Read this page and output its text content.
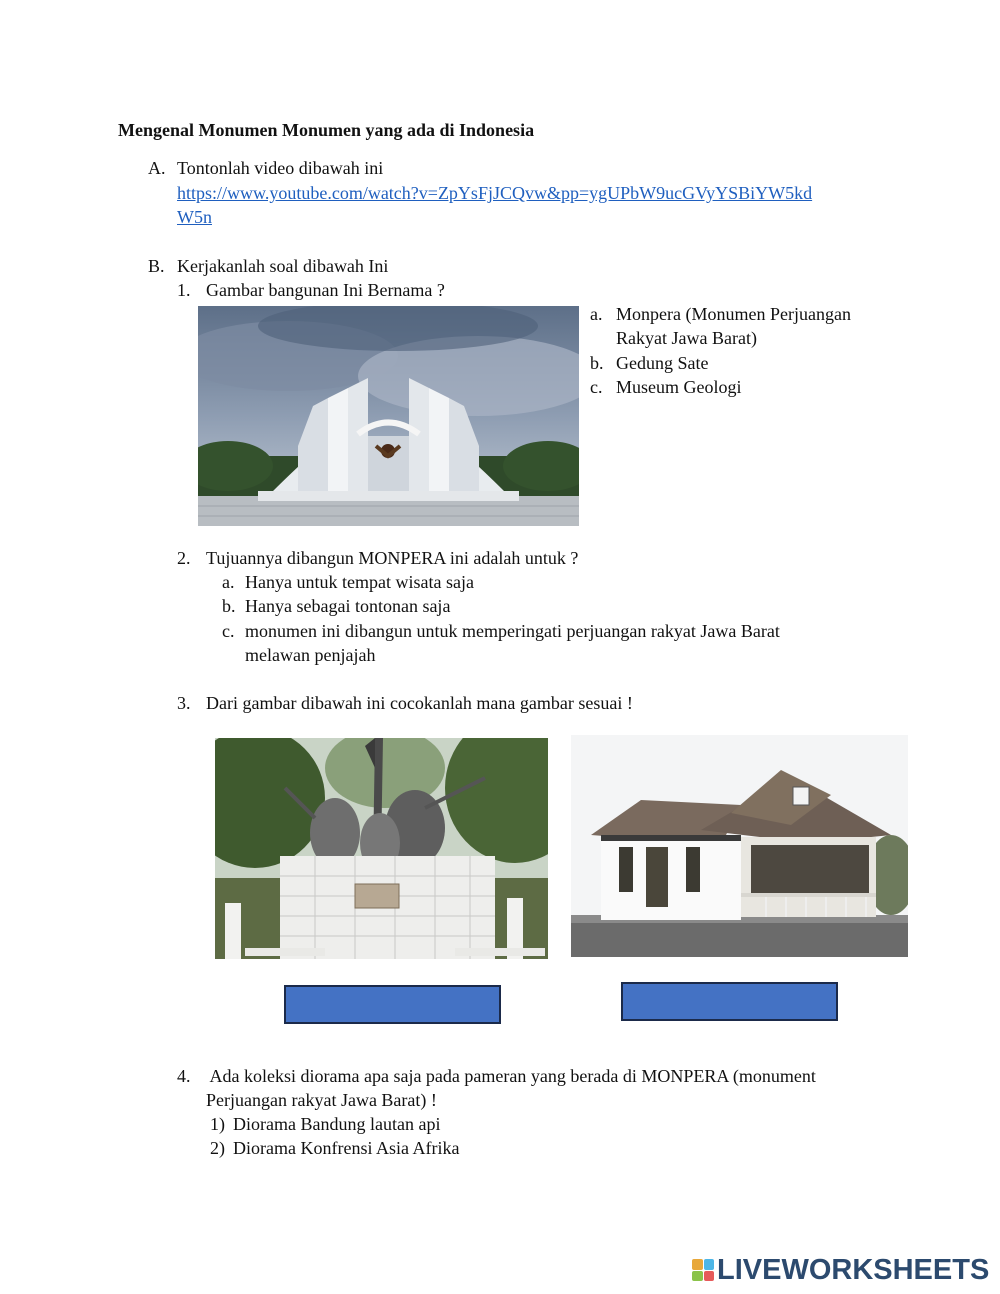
Mengenal Monumen Monumen yang ada di Indonesia
A. Tontonlah video dibawah ini
https://www.youtube.com/watch?v=ZpYsFjJCQvw&pp=ygUPbW9ucGVyYSBiYW5kd
W5n
B. Kerjakanlah soal dibawah Ini
1. Gambar bangunan Ini Bernama ?
a. Monpera (Monumen Perjuangan
Rakyat Jawa Barat)
b. Gedung Sate
c. Museum Geologi
2. Tujuannya dibangun MONPERA ini adalah untuk ?
a. Hanya untuk tempat wisata saja
b. Hanya sebagai tontonan saja
c. monumen ini dibangun untuk memperingati perjuangan rakyat Jawa Barat
melawan penjajah
3. Dari gambar dibawah ini cocokanlah mana gambar sesuai !
4. Ada koleksi diorama apa saja pada pameran yang berada di MONPERA (monument
Perjuangan rakyat Jawa Barat) !
1) Diorama Bandung lautan api
2) Diorama Konfrensi Asia Afrika
LIVEWORKSHEETS
